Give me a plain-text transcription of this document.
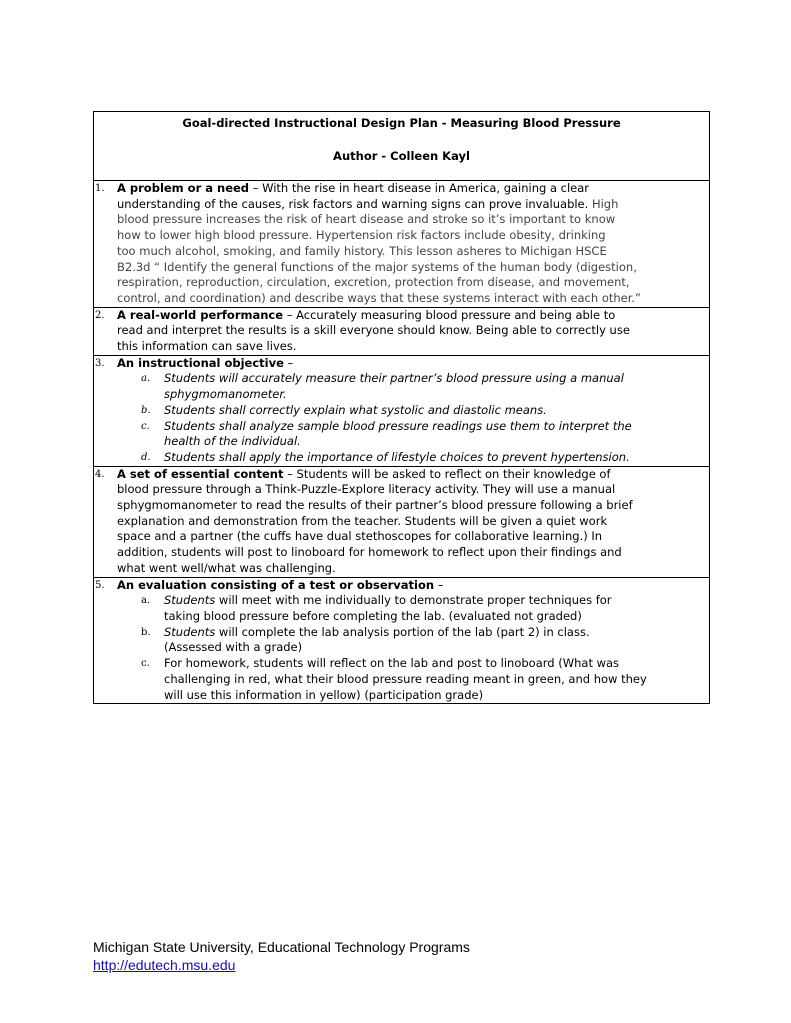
Goal-directed Instructional Design Plan - Measuring Blood Pressure
Author - Colleen Kayl
1. A problem or a need – With the rise in heart disease in America, gaining a clear
understanding of the causes, risk factors and warning signs can prove invaluable. High
blood pressure increases the risk of heart disease and stroke so it’s important to know
how to lower high blood pressure. Hypertension risk factors include obesity, drinking
too much alcohol, smoking, and family history. This lesson asheres to Michigan HSCE
B2.3d “ Identify the general functions of the major systems of the human body (digestion,
respiration, reproduction, circulation, excretion, protection from disease, and movement,
control, and coordination) and describe ways that these systems interact with each other.”
2. A real-world performance – Accurately measuring blood pressure and being able to
read and interpret the results is a skill everyone should know. Being able to correctly use
this information can save lives.
3. An instructional objective –
a. Students will accurately measure their partner’s blood pressure using a manual
sphygmomanometer.
b. Students shall correctly explain what systolic and diastolic means.
c. Students shall analyze sample blood pressure readings use them to interpret the
health of the individual.
d. Students shall apply the importance of lifestyle choices to prevent hypertension.
4. A set of essential content – Students will be asked to reflect on their knowledge of
blood pressure through a Think-Puzzle-Explore literacy activity. They will use a manual
sphygmomanometer to read the results of their partner’s blood pressure following a brief
explanation and demonstration from the teacher. Students will be given a quiet work
space and a partner (the cuffs have dual stethoscopes for collaborative learning.) In
addition, students will post to linoboard for homework to reflect upon their findings and
what went well/what was challenging.
5. An evaluation consisting of a test or observation –
a. Students will meet with me individually to demonstrate proper techniques for
taking blood pressure before completing the lab. (evaluated not graded)
b. Students will complete the lab analysis portion of the lab (part 2) in class.
(Assessed with a grade)
c. For homework, students will reflect on the lab and post to linoboard (What was
challenging in red, what their blood pressure reading meant in green, and how they
will use this information in yellow) (participation grade)
Michigan State University, Educational Technology Programs
http://edutech.msu.edu
